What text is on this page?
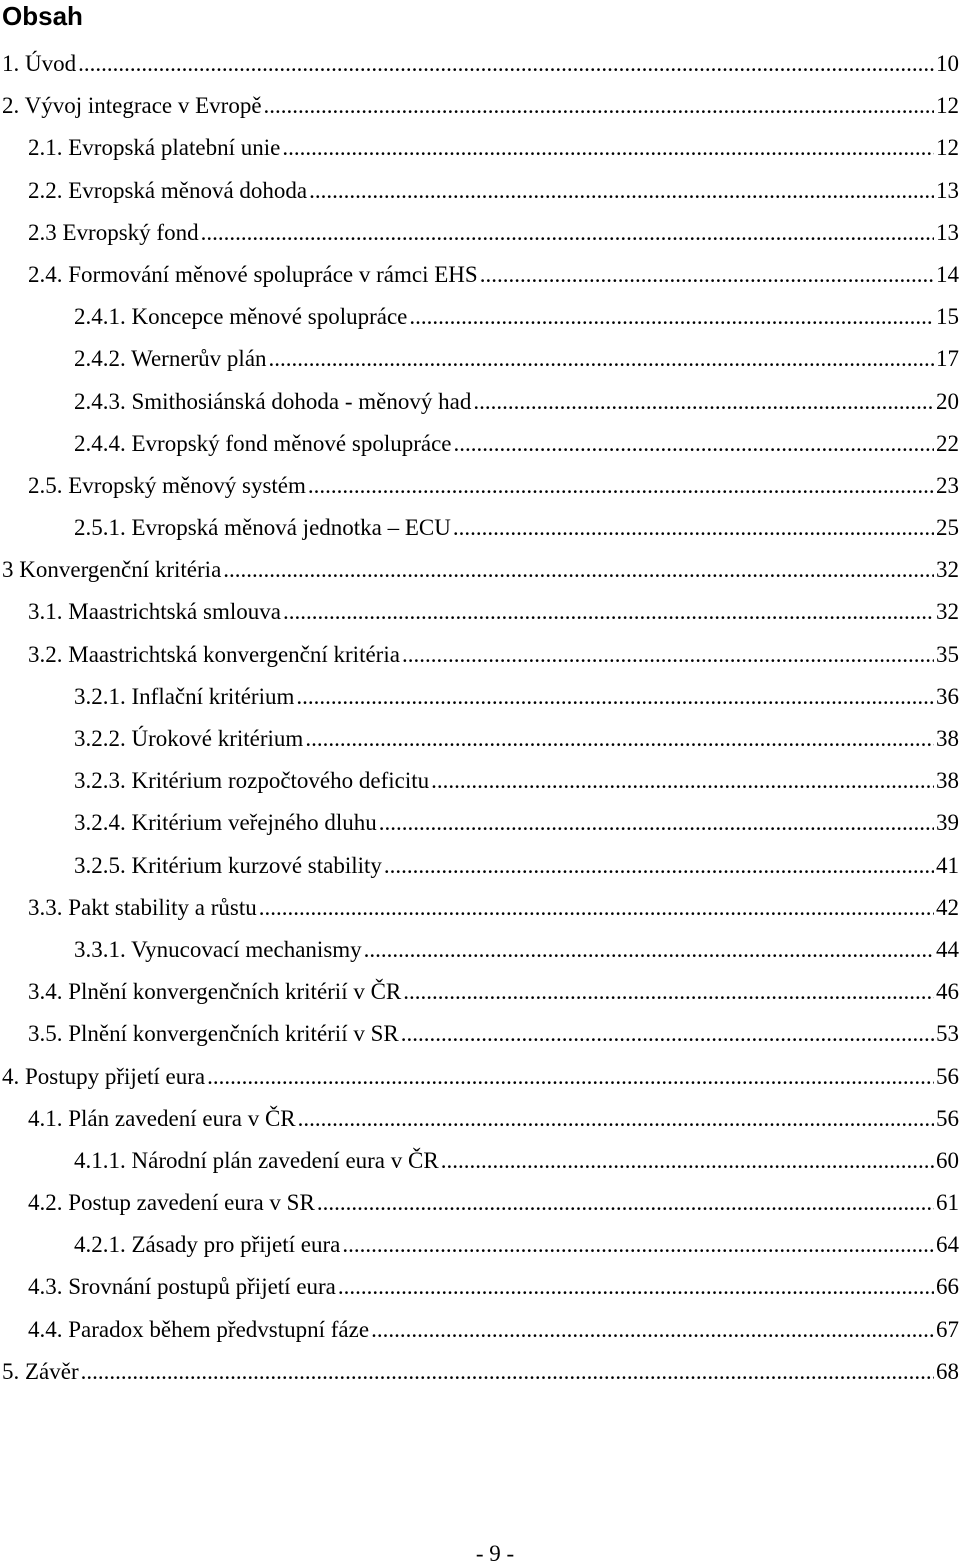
Obsah
1. Úvod .....	10
2. Vývoj integrace v Evropě .....	12
2.1. Evropská platební unie .....	12
2.2. Evropská měnová dohoda .....	13
2.3 Evropský fond .....	13
2.4. Formování měnové spolupráce v rámci EHS .....	14
2.4.1. Koncepce měnové spolupráce .....	15
2.4.2. Wernerův plán .....	17
2.4.3. Smithosiánská dohoda - měnový had .....	20
2.4.4. Evropský fond měnové spolupráce .....	22
2.5. Evropský měnový systém .....	23
2.5.1. Evropská měnová jednotka – ECU .....	25
3 Konvergenční kritéria .....	32
3.1. Maastrichtská smlouva .....	32
3.2. Maastrichtská konvergenční kritéria .....	35
3.2.1. Inflační kritérium .....	36
3.2.2. Úrokové kritérium .....	38
3.2.3. Kritérium rozpočtového deficitu .....	38
3.2.4. Kritérium veřejného dluhu .....	39
3.2.5. Kritérium kurzové stability .....	41
3.3. Pakt stability a růstu .....	42
3.3.1. Vynucovací mechanismy .....	44
3.4. Plnění konvergenčních kritérií v ČR .....	46
3.5. Plnění konvergenčních kritérií v SR .....	53
4. Postupy přijetí eura .....	56
4.1. Plán zavedení eura v ČR .....	56
4.1.1. Národní plán zavedení eura v ČR .....	60
4.2. Postup zavedení eura v SR .....	61
4.2.1. Zásady pro přijetí eura .....	64
4.3. Srovnání postupů přijetí eura .....	66
4.4. Paradox během předvstupní fáze .....	67
5. Závěr .....	68
- 9 -
